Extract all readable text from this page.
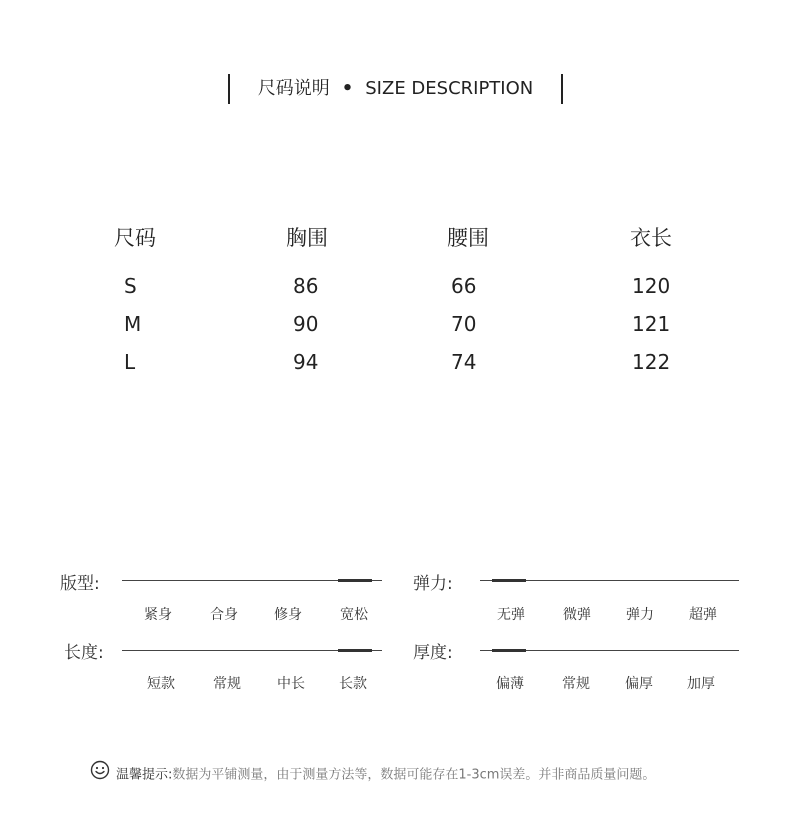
尺码说明 • SIZE DESCRIPTION
尺码	胸围	腰围	衣长
S	86	66	120
M	90	70	121
L	94	74	122
版型:
紧身	合身	修身	宽松
弹力:
无弹	微弹	弹力	超弹
长度:
短款	常规	中长	长款
厚度:
偏薄	常规	偏厚	加厚
温馨提示:数据为平铺测量，由于测量方法等，数据可能存在1-3cm误差。并非商品质量问题。
